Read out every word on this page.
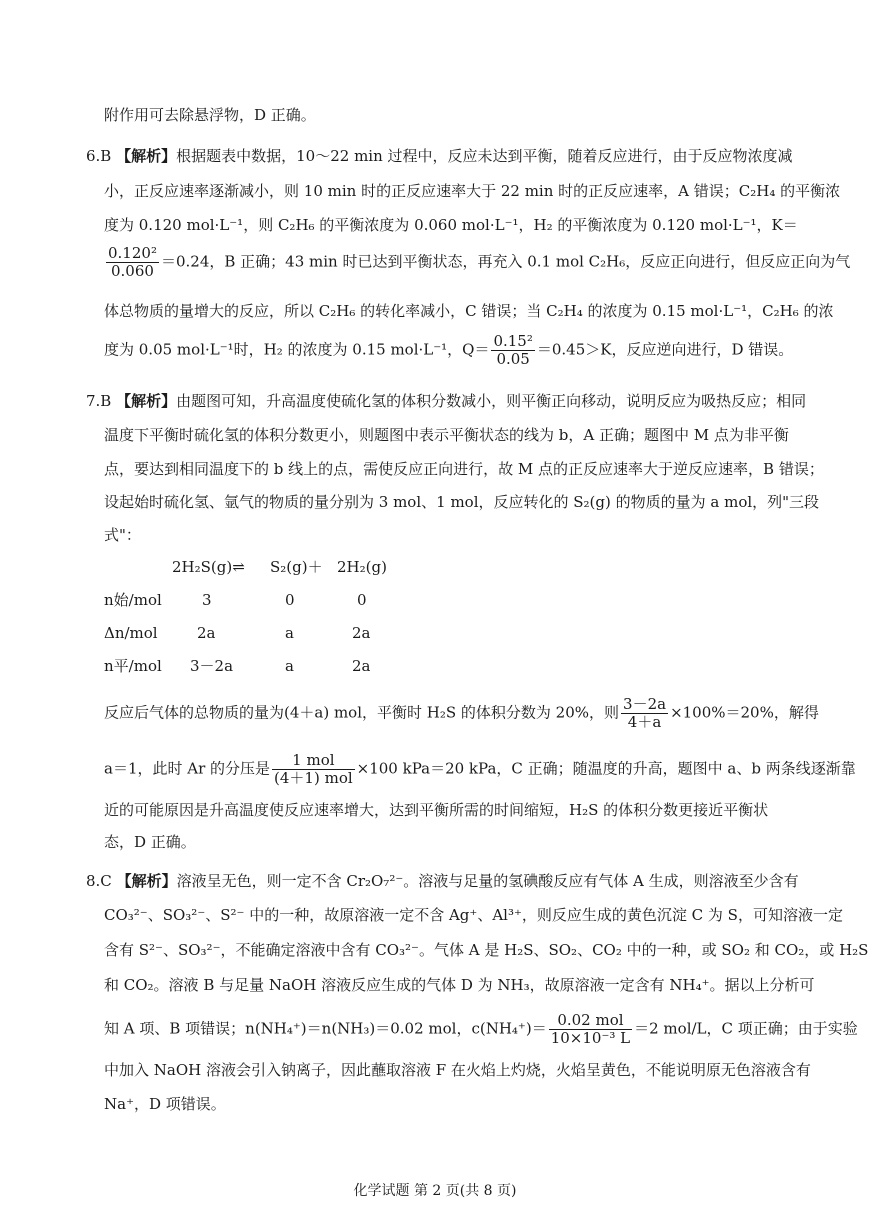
附作用可去除悬浮物，D 正确。
6.B 【解析】根据题表中数据，10～22 min 过程中，反应未达到平衡，随着反应进行，由于反应物浓度减
小，正反应速率逐渐减小，则 10 min 时的正反应速率大于 22 min 时的正反应速率，A 错误；C₂H₄ 的平衡浓
度为 0.120 mol·L⁻¹，则 C₂H₆ 的平衡浓度为 0.060 mol·L⁻¹，H₂ 的平衡浓度为 0.120 mol·L⁻¹，K＝
$\frac{\text{0.120²}}{0.060} =0.24$，B 正确；43 min 时已达到平衡状态，再充入 0.1 mol C₂H₆，反应正向进行，但反应正向为气
体总物质的量增大的反应，所以 C₂H₆ 的转化率减小，C 错误；当 C₂H₄ 的浓度为 0.15 mol·L⁻¹，C₂H₆ 的浓
度为 0.05 mol·L⁻¹时，H₂ 的浓度为 0.15 mol·L⁻¹，$Q= \frac{\text{0.15²}}{0.05} =0.45>K$，反应逆向进行，D 错误。
7.B 【解析】由题图可知，升高温度使硫化氢的体积分数减小，则平衡正向移动，说明反应为吸热反应；相同
温度下平衡时硫化氢的体积分数更小，则题图中表示平衡状态的线为 b，A 正确；题图中 M 点为非平衡
点，要达到相同温度下的 b 线上的点，需使反应正向进行，故 M 点的正反应速率大于逆反应速率，B 错误；
设起始时硫化氢、氩气的物质的量分别为 3 mol、1 mol，反应转化的 S₂(g) 的物质的量为 a mol，列"三段
式"：
2H₂S(g)⇌ S₂(g)＋ 2H₂(g)
n始/mol	3	0	0
Δn/mol	2a	a	2a
n平/mol 3－2a	a	2a
反应后气体的总物质的量为(4＋a) mol，平衡时 H₂S 的体积分数为 20%，则 $\frac{3-2a}{4+a} \times 100\%=20\%$，解得
a＝1，此时 Ar 的分压是 $\frac{\text{1 mol}}{\text{(4＋1) mol}} \times 100$ kPa＝20 kPa，C 正确；随温度的升高，题图中 a、b 两条线逐渐靠
近的可能原因是升高温度使反应速率增大，达到平衡所需的时间缩短，H₂S 的体积分数更接近平衡状
态，D 正确。
8.C 【解析】溶液呈无色，则一定不含 Cr₂O₇²⁻。溶液与足量的氢碘酸反应有气体 A 生成，则溶液至少含有
CO₃²⁻、SO₃²⁻、S²⁻ 中的一种，故原溶液一定不含 Ag⁺、Al³⁺，则反应生成的黄色沉淀 C 为 S，可知溶液一定
含有 S²⁻、SO₃²⁻，不能确定溶液中含有 CO₃²⁻。气体 A 是 H₂S、SO₂、CO₂ 中的一种，或 SO₂ 和 CO₂，或 H₂S
和 CO₂。溶液 B 与足量 NaOH 溶液反应生成的气体 D 为 NH₃，故原溶液一定含有 NH₄⁺。据以上分析可
知 A 项、B 项错误；n(NH₄⁺)＝n(NH₃)＝0.02 mol，$c(NH_4^+)= \frac{\text{0.02 mol}}{\text{10×10⁻³ L}} =2$ mol/L，C 项正确；由于实验
中加入 NaOH 溶液会引入钠离子，因此蘸取溶液 F 在火焰上灼烧，火焰呈黄色，不能说明原无色溶液含有
Na⁺，D 项错误。
化学试题 第 2 页(共 8 页)
